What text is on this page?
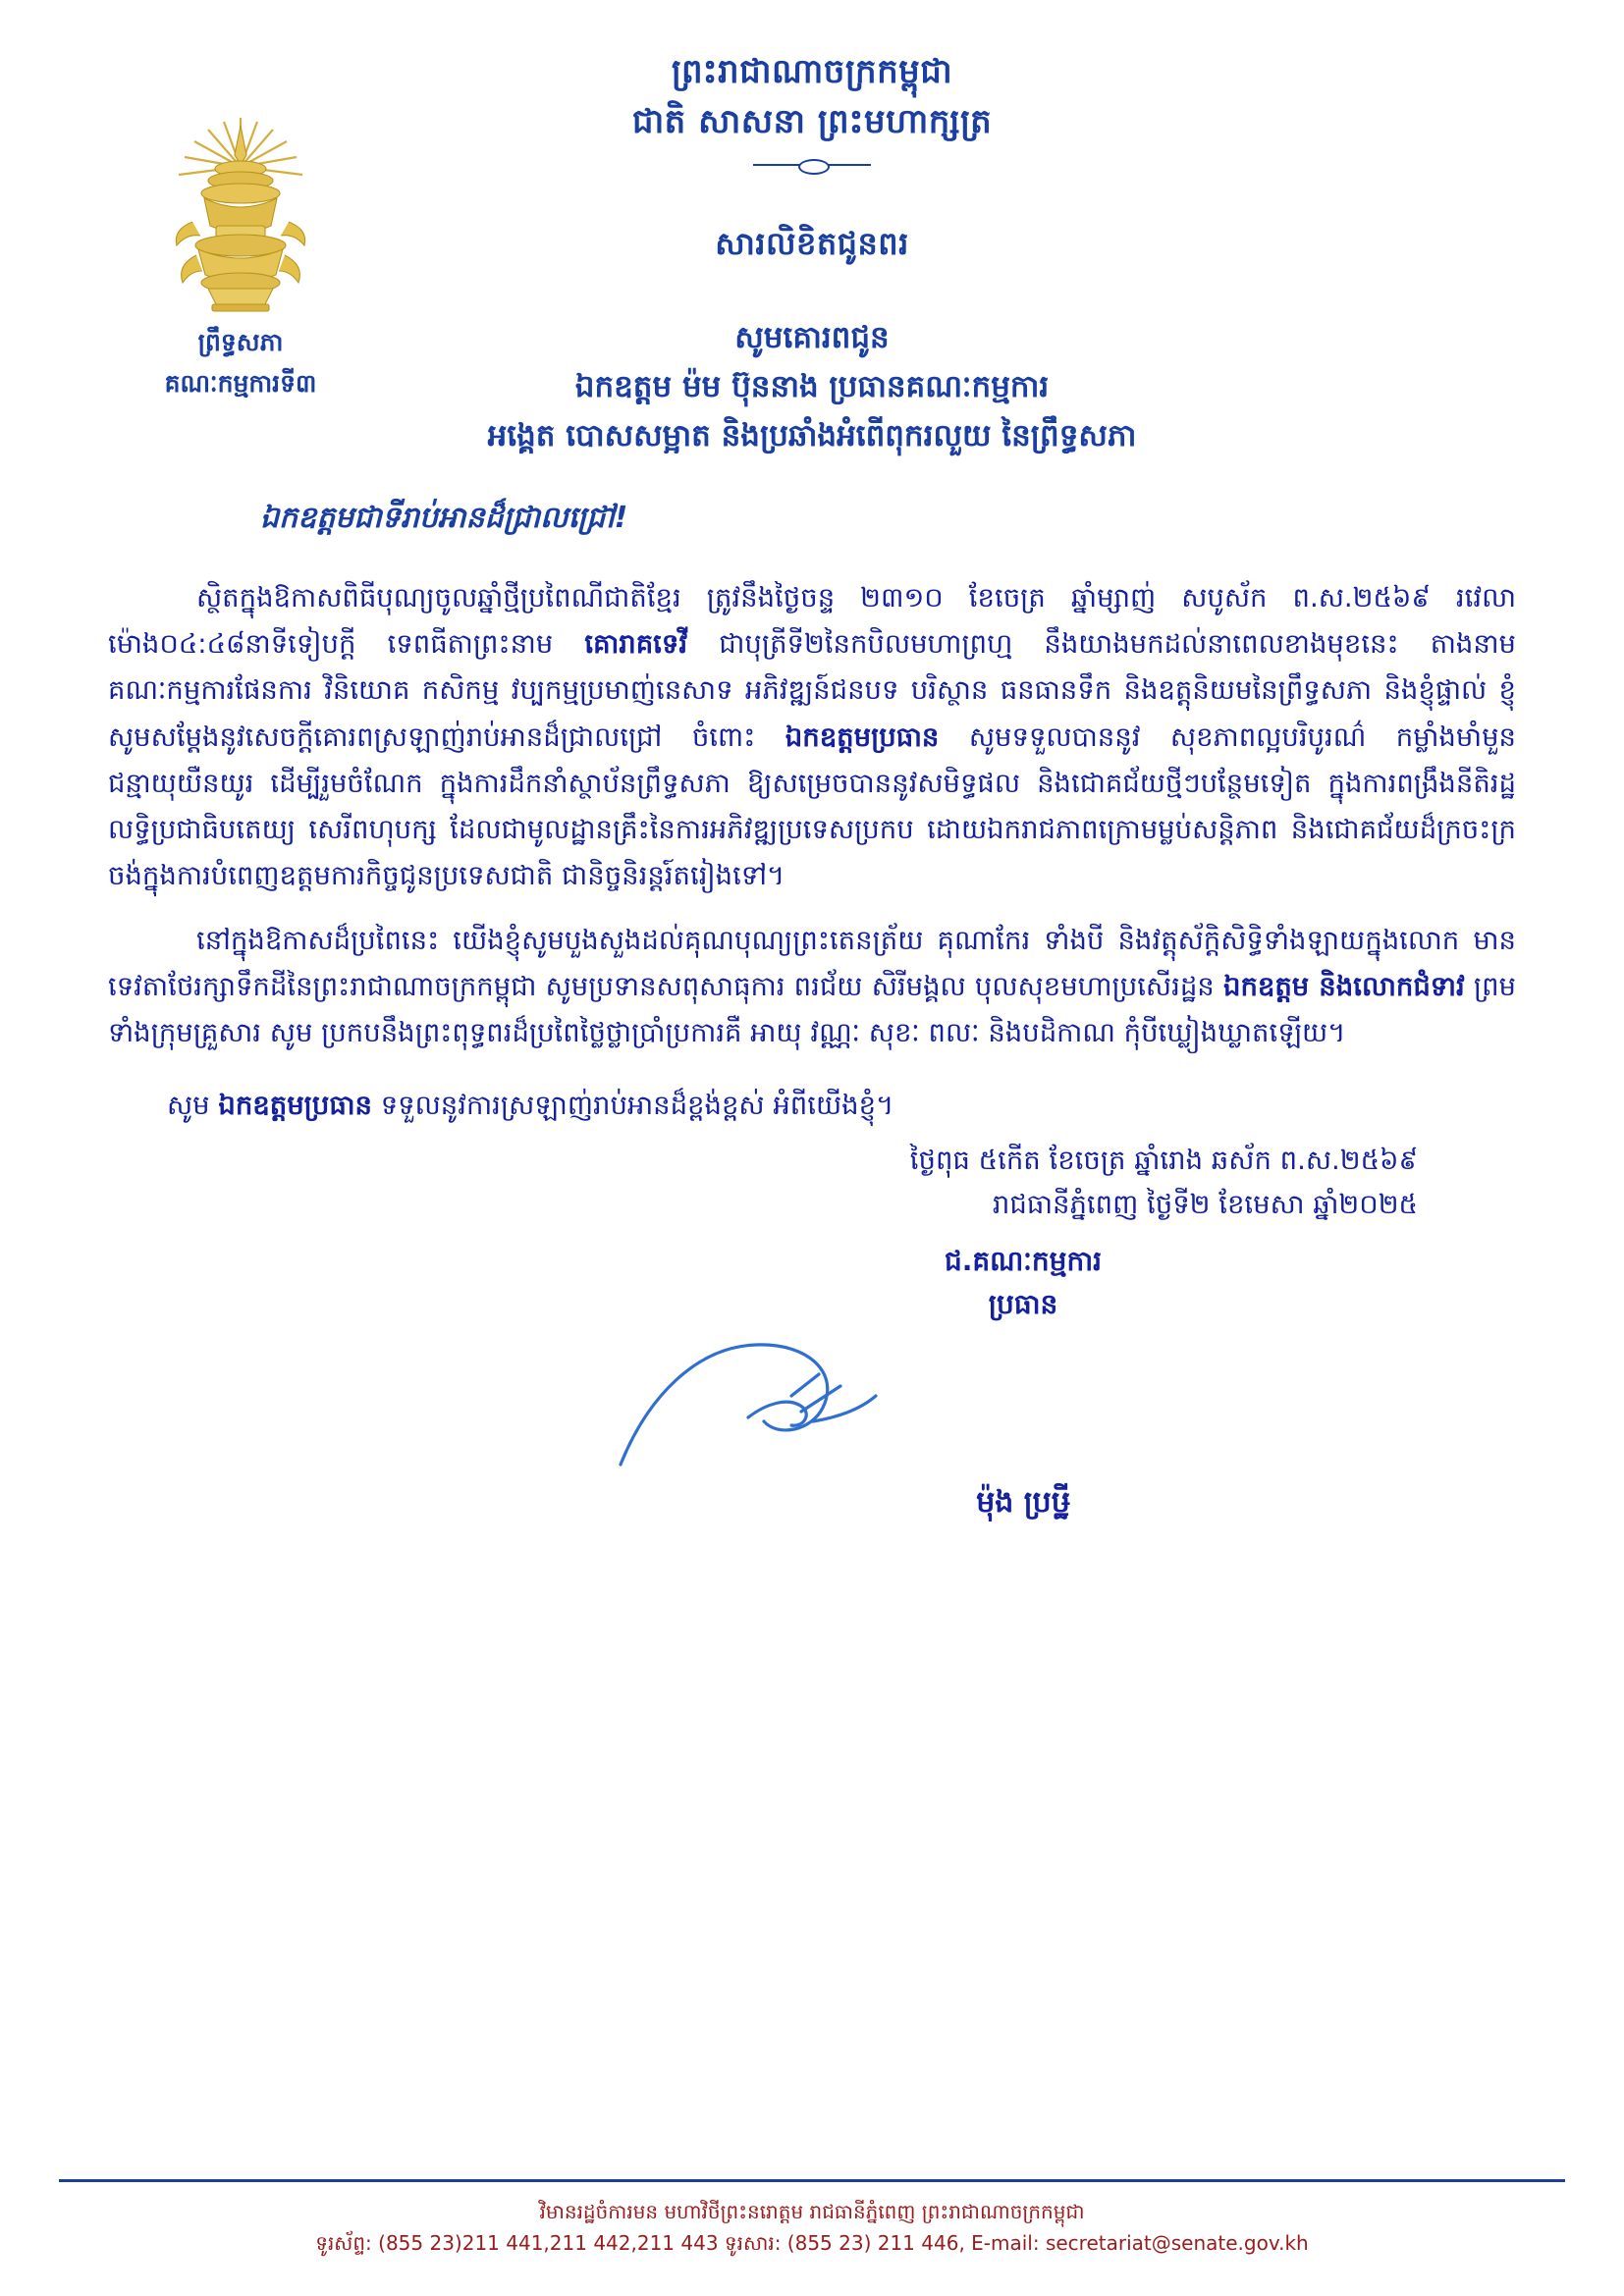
ព្រះរាជាណាចក្រកម្ពុជា
ជាតិ សាសនា ព្រះមហាក្សត្រ
ព្រឹទ្ធសភា
គណៈកម្មការទី៣
សារលិខិតជូនពរ
សូមគោរពជូន
ឯកឧត្តម ម៉ម ប៊ុននាង ប្រធានគណៈកម្មការ
អង្គេត បោសសម្អាត និងប្រឆាំងអំពើពុករលួយ នៃព្រឹទ្ធសភា
ឯកឧត្តមជាទីរាប់អានដ៏ជ្រាលជ្រៅ!

ស្ថិតក្នុងឱកាសពិធីបុណ្យចូលឆ្នាំថ្មីប្រពៃណីជាតិខ្មែរ ត្រូវនឹងថ្ងៃចន្ទ ២៣១០ ខែចេត្រ ឆ្នាំម្សាញ់ សបូស័ក ព.ស.២៥៦៩ រវេលាម៉ោង០៤:៤៨នាទីទៀបក្តី ទេពធីតាព្រះនាម គោរាគទេវី ជាបុត្រីទី២នៃកបិលមហាព្រហ្ម នឹងយាងមកដល់នាពេលខាងមុខនេះ តាងនាមគណៈកម្មការផែនការ វិនិយោគ កសិកម្ម វប្បកម្មប្រមាញ់នេសាទ អភិវឌ្ឍន៍ជនបទ បរិស្ថាន ធនធានទឹក និងឧត្តុនិយមនៃព្រឹទ្ធសភា និងខ្ញុំផ្ទាល់ ខ្ញុំសូមសម្តែងនូវសេចក្តីគោរពស្រឡាញ់រាប់អានដ៏ជ្រាលជ្រៅ ចំពោះ ឯកឧត្តមប្រធាន សូមទទួលបាននូវ សុខភាពល្អបរិបូរណ៌ កម្លាំងមាំមួន ជន្មាយុយឺនយូរ ដើម្បីរួមចំណែក ក្នុងការដឹកនាំស្ថាប័នព្រឹទ្ធសភា ឱ្យសម្រេចបាននូវសមិទ្ធផល និងជោគជ័យថ្មីៗបន្ថែមទៀត ក្នុងការពង្រឹងនីតិរដ្ឋ លទ្ធិប្រជាធិបតេយ្យ សេរីពហុបក្ស ដែលជាមូលដ្ឋានគ្រឹះនៃការអភិវឌ្ឍប្រទេសប្រកប ដោយឯករាជភាពក្រោមម្លប់សន្តិភាព និងជោគជ័យដ៏ក្រចះក្រចង់ក្នុងការបំពេញឧត្តមការកិច្ចជូនប្រទេសជាតិ ជានិច្ចនិរន្តរ៍តរៀងទៅ។

នៅក្នុងឱកាសដ៏ប្រពៃនេះ យើងខ្ញុំសូមបួងសួងដល់គុណបុណ្យព្រះតេនត្រ័យ គុណាកែរ ទាំងបី និងវត្តុស័ក្តិសិទ្ធិទាំងឡាយក្នុងលោក មានទេវតាថែរក្សាទឹកដីនៃព្រះរាជាណាចក្រកម្ពុជា សូមប្រទានសពុសាធុការ ពរជ័យ សិរីមង្គល បុលសុខមហាប្រសើរដ្ឋន ឯកឧត្តម និងលោកជំទាវ ព្រមទាំងក្រុមគ្រួសារ សូម ប្រកបនឹងព្រះពុទ្ធពរដ៏ប្រពៃថ្លៃថ្លាប្រាំប្រការគឺ អាយុ វណ្ណៈ សុខៈ ពលៈ និងបដិកាណ កុំបីឃ្លៀងឃ្លាតឡើយ។

សូម ឯកឧត្តមប្រធាន ទទួលនូវការស្រឡាញ់រាប់អានដ៏ខ្ពង់ខ្ពស់ អំពីយើងខ្ញុំ។
ថ្ងៃពុធ ៥កើត ខែចេត្រ ឆ្នាំរោង ឆស័ក ព.ស.២៥៦៩
រាជធានីភ្នំពេញ ថ្ងៃទី២ ខែមេសា ឆ្នាំ២០២៥
ជ.គណៈកម្មការ
ប្រធាន
ម៉ុង ប្រឞ្ឋី
វិមានរដ្ឋចំការមន មហាវិថីព្រះនរោត្តម រាជធានីភ្នំពេញ ព្រះរាជាណាចក្រកម្ពុជា
ទូរស័ព្ទ: (855 23)211 441,211 442,211 443 ទូរសារ: (855 23) 211 446, E-mail: secretariat@senate.gov.kh
